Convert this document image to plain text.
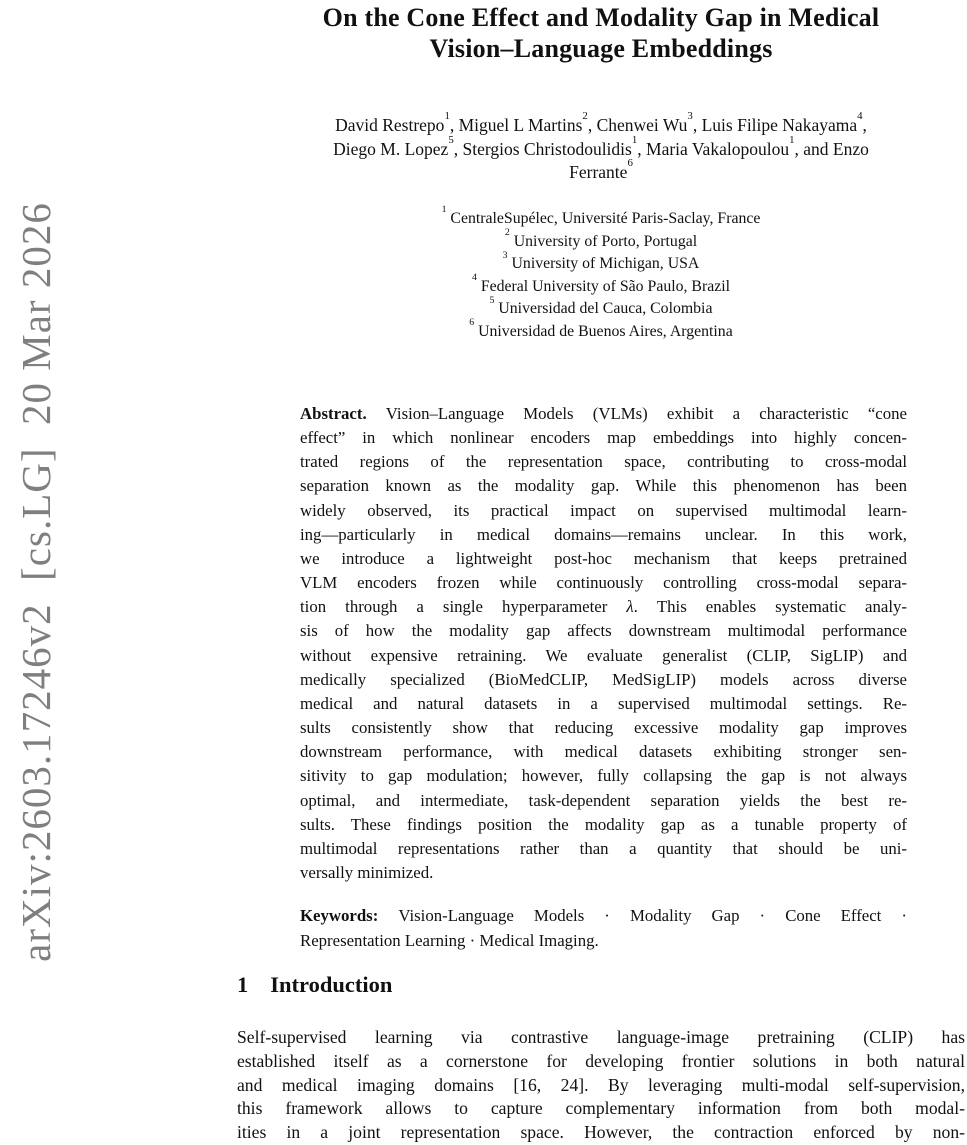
arXiv:2603.17246v2  [cs.LG]  20 Mar 2026
On the Cone Effect and Modality Gap in Medical
Vision–Language Embeddings
David Restrepo$^1$, Miguel L Martins$^2$, Chenwei Wu$^3$, Luis Filipe Nakayama$^4$,
Diego M. Lopez$^5$, Stergios Christodoulidis$^1$, Maria Vakalopoulou$^1$, and Enzo
Ferrante$^6$
$^1$ CentraleSupélec, Université Paris-Saclay, France
$^2$ University of Porto, Portugal
$^3$ University of Michigan, USA
$^4$ Federal University of São Paulo, Brazil
$^5$ Universidad del Cauca, Colombia
$^6$ Universidad de Buenos Aires, Argentina
Abstract. Vision–Language Models (VLMs) exhibit a characteristic “cone
effect” in which nonlinear encoders map embeddings into highly concen-
trated regions of the representation space, contributing to cross-modal
separation known as the modality gap. While this phenomenon has been
widely observed, its practical impact on supervised multimodal learn-
ing—particularly in medical domains—remains unclear. In this work,
we introduce a lightweight post-hoc mechanism that keeps pretrained
VLM encoders frozen while continuously controlling cross-modal separa-
tion through a single hyperparameter λ. This enables systematic analy-
sis of how the modality gap affects downstream multimodal performance
without expensive retraining. We evaluate generalist (CLIP, SigLIP) and
medically specialized (BioMedCLIP, MedSigLIP) models across diverse
medical and natural datasets in a supervised multimodal settings. Re-
sults consistently show that reducing excessive modality gap improves
downstream performance, with medical datasets exhibiting stronger sen-
sitivity to gap modulation; however, fully collapsing the gap is not always
optimal, and intermediate, task-dependent separation yields the best re-
sults. These findings position the modality gap as a tunable property of
multimodal representations rather than a quantity that should be uni-
versally minimized.
Keywords: Vision-Language Models · Modality Gap · Cone Effect ·
Representation Learning · Medical Imaging.
1 Introduction
Self-supervised learning via contrastive language-image pretraining (CLIP) has
established itself as a cornerstone for developing frontier solutions in both natural
and medical imaging domains [16, 24]. By leveraging multi-modal self-supervision,
this framework allows to capture complementary information from both modal-
ities in a joint representation space. However, the contraction enforced by non-
